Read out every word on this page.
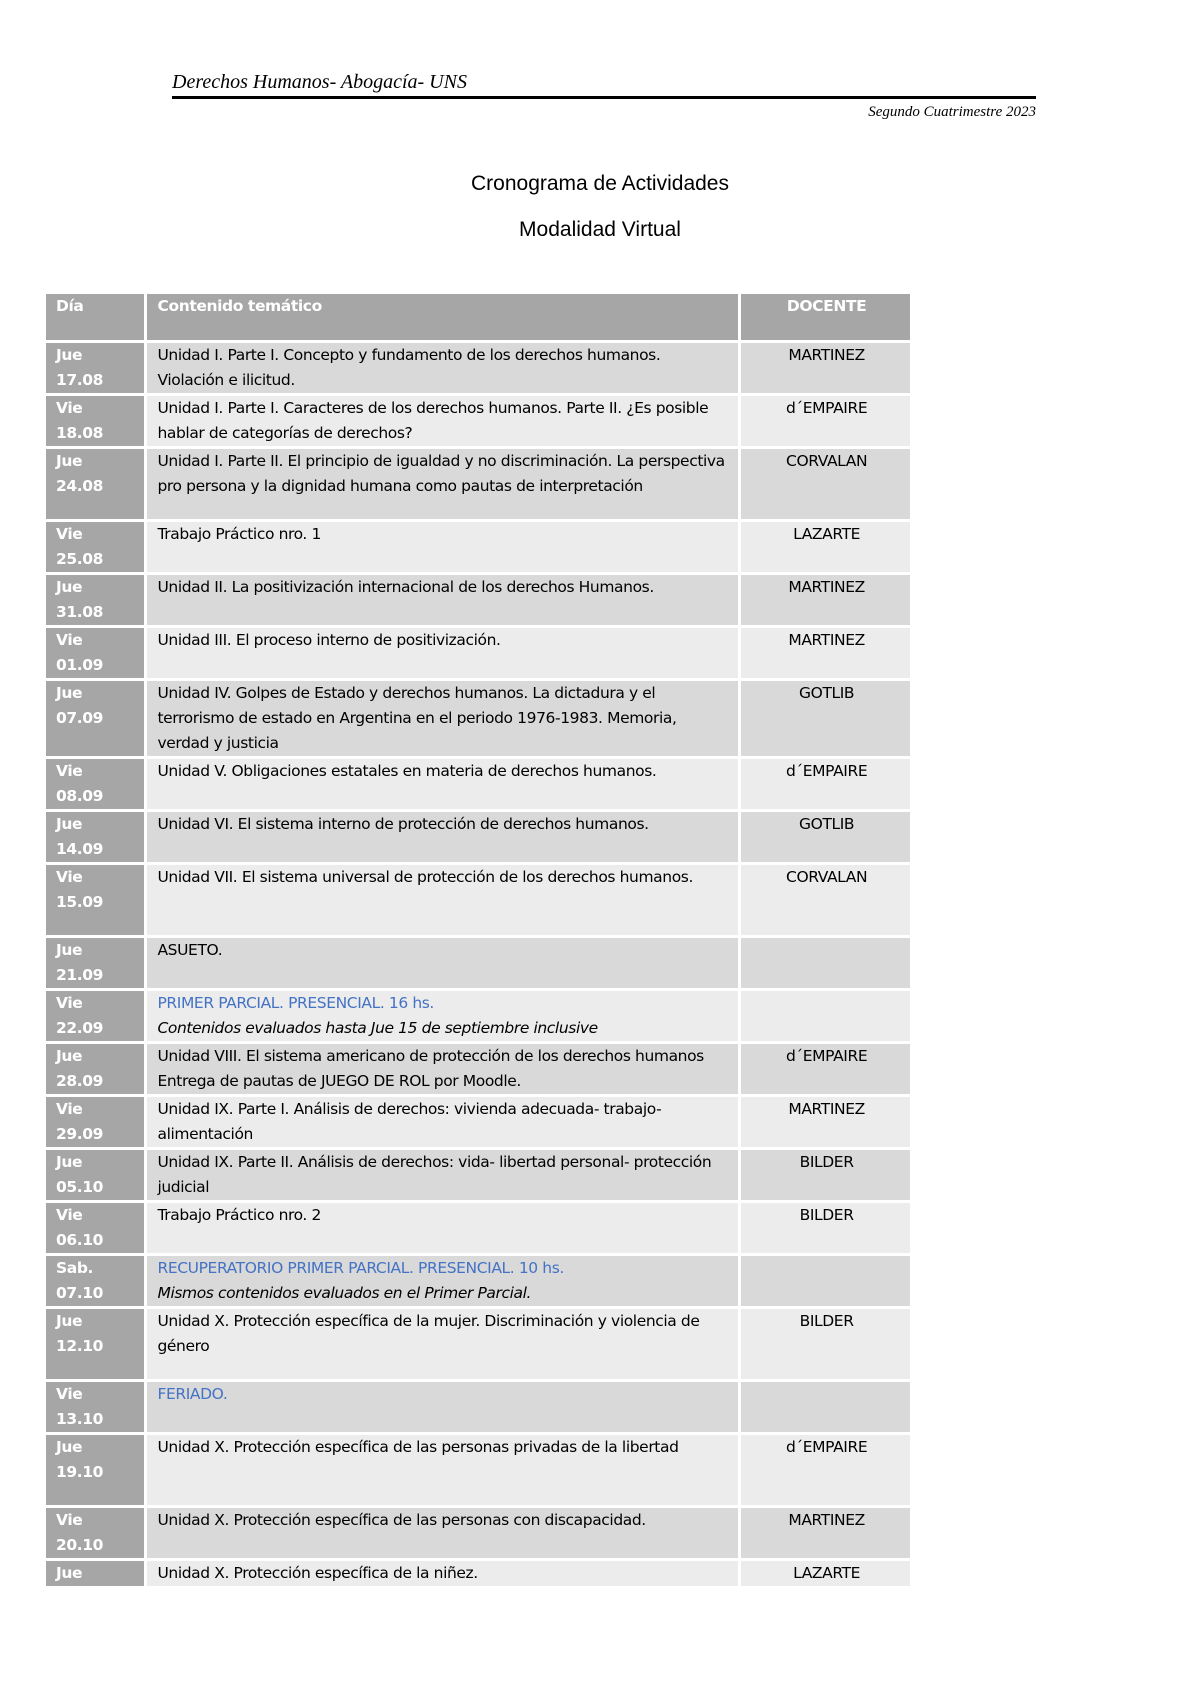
Derechos Humanos- Abogacía- UNS
Segundo Cuatrimestre 2023
Cronograma de Actividades
Modalidad Virtual
Día	Contenido temático	DOCENTE

Jue
17.08	Unidad I. Parte I. Concepto y fundamento de los derechos humanos. Violación e ilicitud.	MARTINEZ

Vie
18.08	Unidad I. Parte I. Caracteres de los derechos humanos. Parte II. ¿Es posible hablar de categorías de derechos?	d´EMPAIRE

Jue
24.08	Unidad I. Parte II. El principio de igualdad y no discriminación. La perspectiva pro persona y la dignidad humana como pautas de interpretación	CORVALAN

Vie
25.08	Trabajo Práctico nro. 1	LAZARTE

Jue
31.08	Unidad II. La positivización internacional de los derechos Humanos.	MARTINEZ

Vie
01.09	Unidad III. El proceso interno de positivización.	MARTINEZ

Jue
07.09	Unidad IV. Golpes de Estado y derechos humanos. La dictadura y el terrorismo de estado en Argentina en el periodo 1976-1983. Memoria, verdad y justicia	GOTLIB

Vie
08.09	Unidad V. Obligaciones estatales en materia de derechos humanos.	d´EMPAIRE

Jue
14.09	Unidad VI. El sistema interno de protección de derechos humanos.	GOTLIB

Vie
15.09	Unidad VII. El sistema universal de protección de los derechos humanos.	CORVALAN

Jue
21.09	ASUETO.	

Vie
22.09	PRIMER PARCIAL. PRESENCIAL. 16 hs.
Contenidos evaluados hasta Jue 15 de septiembre inclusive	

Jue
28.09	Unidad VIII. El sistema americano de protección de los derechos humanos Entrega de pautas de JUEGO DE ROL por Moodle.	d´EMPAIRE

Vie
29.09	Unidad IX. Parte I. Análisis de derechos: vivienda adecuada- trabajo- alimentación	MARTINEZ

Jue
05.10	Unidad IX. Parte II. Análisis de derechos: vida- libertad personal- protección judicial	BILDER

Vie
06.10	Trabajo Práctico nro. 2	BILDER

Sab.
07.10	RECUPERATORIO PRIMER PARCIAL. PRESENCIAL. 10 hs.
Mismos contenidos evaluados en el Primer Parcial.	

Jue
12.10	Unidad X. Protección específica de la mujer. Discriminación y violencia de género	BILDER

Vie
13.10	FERIADO.	

Jue
19.10	Unidad X. Protección específica de las personas privadas de la libertad	d´EMPAIRE

Vie
20.10	Unidad X. Protección específica de las personas con discapacidad.	MARTINEZ

Jue	Unidad X. Protección específica de la niñez.	LAZARTE
